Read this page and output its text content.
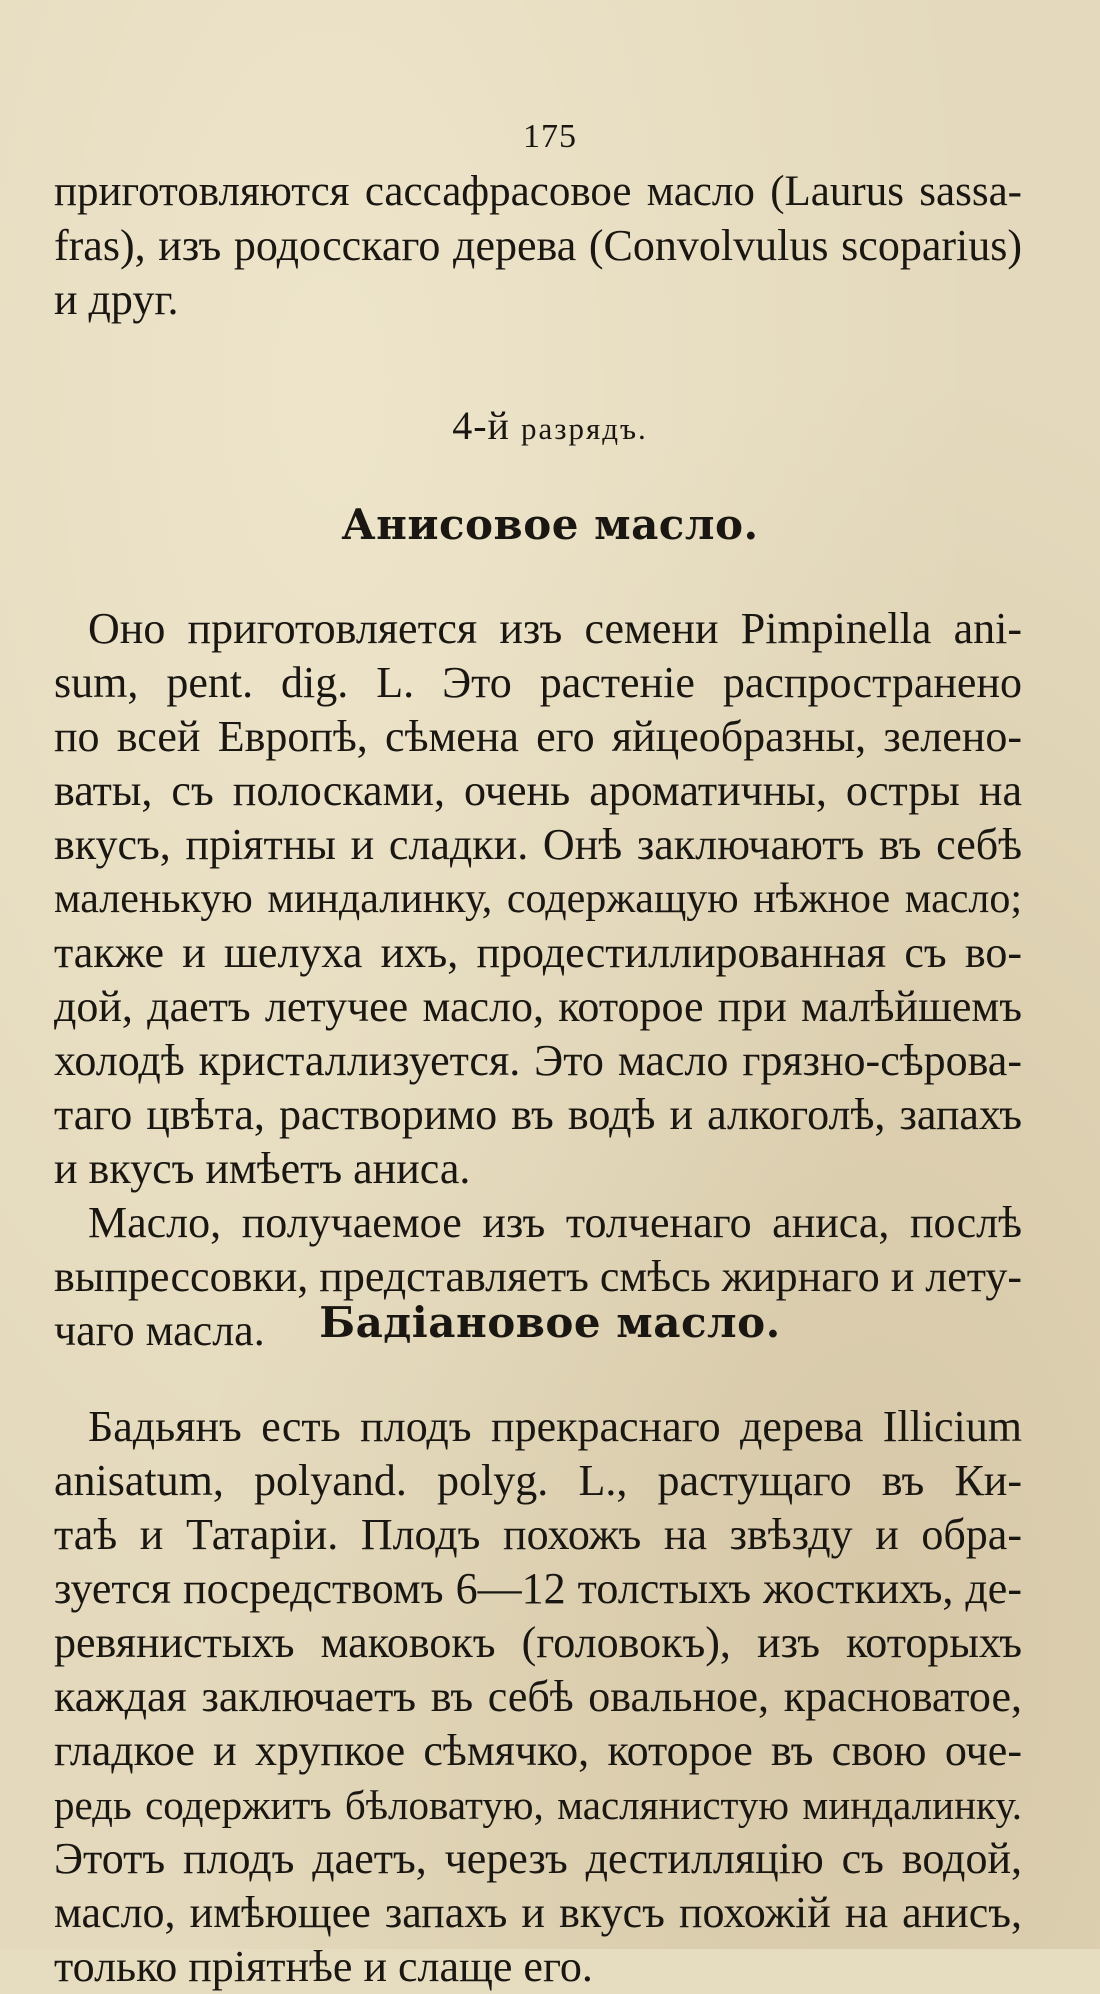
175
приготовляются сассафрасовое масло (Laurus sassa-
fras), изъ родосскаго дерева (Convolvulus scoparius)
и друг.
4-й разрядъ.
Анисовое масло.
Оно приготовляется изъ семени Pimpinella ani-
sum, pent. dig. L. Это растеніе распространено
по всей Европѣ, сѣмена его яйцеобразны, зелено-
ваты, съ полосками, очень ароматичны, остры на
вкусъ, пріятны и сладки. Онѣ заключаютъ въ себѣ
маленькую миндалинку, содержащую нѣжное масло;
также и шелуха ихъ, продестиллированная съ во-
дой, даетъ летучее масло, которое при малѣйшемъ
холодѣ кристаллизуется. Это масло грязно-сѣрова-
таго цвѣта, растворимо въ водѣ и алкоголѣ, запахъ
и вкусъ имѣетъ аниса.
Масло, получаемое изъ толченаго аниса, послѣ
выпрессовки, представляетъ смѣсь жирнаго и лету-
чаго масла.	Бадіановое масло.
Бадьянъ есть плодъ прекраснаго дерева Illicium
anisatum, polyand. polyg. L., растущаго въ Ки-
таѣ и Татаріи. Плодъ похожъ на звѣзду и обра-
зуется посредствомъ 6—12 толстыхъ жосткихъ, де-
ревянистыхъ маковокъ (головокъ), изъ которыхъ
каждая заключаетъ въ себѣ овальное, красноватое,
гладкое и хрупкое сѣмячко, которое въ свою оче-
редь содержитъ бѣловатую, маслянистую миндалинку.
Этотъ плодъ даетъ, черезъ дестилляцію съ водой,
масло, имѣющее запахъ и вкусъ похожій на анисъ,
только пріятнѣе и слаще его.
